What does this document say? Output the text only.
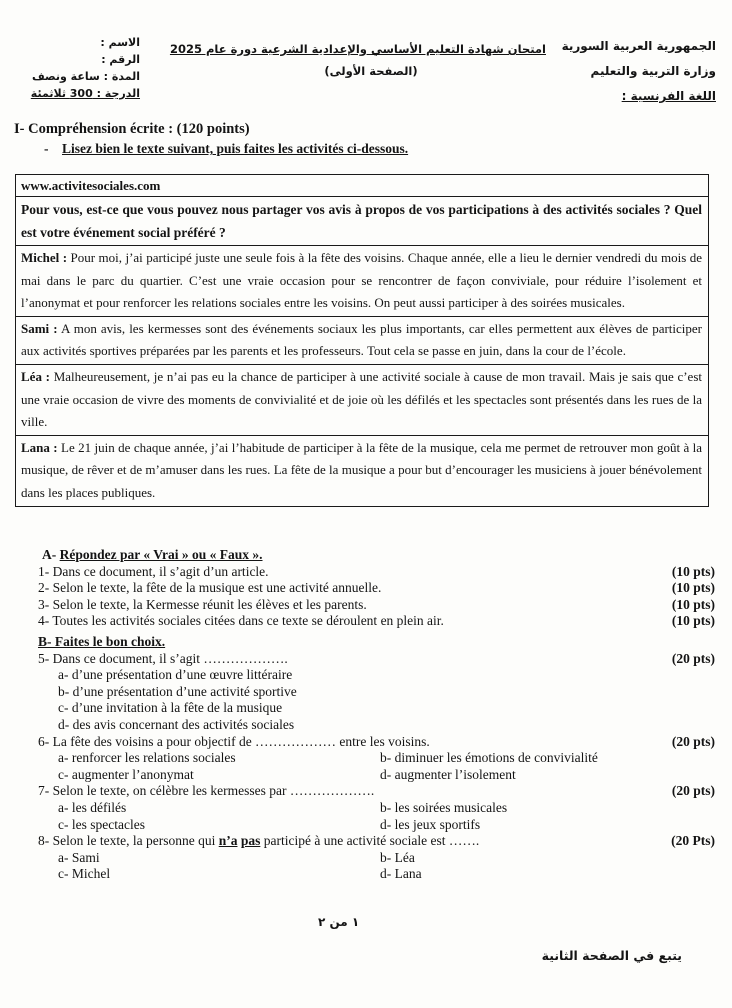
الجمهورية العربية السورية
وزارة التربية والتعليم
اللغة الفرنسية :
امتحان شهادة التعليم الأساسي والإعدادية الشرعية دورة عام 2025
(الصفحة الأولى)
الاسم :
الرقم :
المدة : ساعة ونصف
الدرجة : 300 ثلاثمئة
I- Compréhension écrite : (120 points)
- Lisez bien le texte suivant, puis faites les activités ci-dessous.
www.activitesociales.com
Pour vous, est-ce que vous pouvez nous partager vos avis à propos de vos participations à des activités sociales ? Quel est votre événement social préféré ?
Michel : Pour moi, j’ai participé juste une seule fois à la fête des voisins. Chaque année, elle a lieu le dernier vendredi du mois de mai dans le parc du quartier. C’est une vraie occasion pour se rencontrer de façon conviviale, pour réduire l’isolement et l’anonymat et pour renforcer les relations sociales entre les voisins. On peut aussi participer à des soirées musicales.
Sami : A mon avis, les kermesses sont des événements sociaux les plus importants, car elles permettent aux élèves de participer aux activités sportives préparées par les parents et les professeurs. Tout cela se passe en juin, dans la cour de l’école.
Léa : Malheureusement, je n’ai pas eu la chance de participer à une activité sociale à cause de mon travail. Mais je sais que c’est une vraie occasion de vivre des moments de convivialité et de joie où les défilés et les spectacles sont présentés dans les rues de la ville.
Lana : Le 21 juin de chaque année, j’ai l’habitude de participer à la fête de la musique, cela me permet de retrouver mon goût à la musique, de rêver et de m’amuser dans les rues. La fête de la musique a pour but d’encourager les musiciens à jouer bénévolement dans les places publiques.
A- Répondez par « Vrai » ou « Faux ».
1- Dans ce document, il s’agit d’un article.	(10 pts)
2- Selon le texte, la fête de la musique est une activité annuelle.	(10 pts)
3- Selon le texte, la Kermesse réunit les élèves et les parents.	(10 pts)
4- Toutes les activités sociales citées dans ce texte se déroulent en plein air.	(10 pts)
B- Faites le bon choix.
5- Dans ce document, il s’agit ……………….	(20 pts)
a- d’une présentation d’une œuvre littéraire
b- d’une présentation d’une activité sportive
c- d’une invitation à la fête de la musique
d- des avis concernant des activités sociales
6- La fête des voisins a pour objectif de ……………… entre les voisins.	(20 pts)
a- renforcer les relations sociales	b- diminuer les émotions de convivialité
c- augmenter l’anonymat	d- augmenter l’isolement
7- Selon le texte, on célèbre les kermesses par ……………….	(20 pts)
a- les défilés	b- les soirées musicales
c- les spectacles	d- les jeux sportifs
8- Selon le texte, la personne qui n’a pas participé à une activité sociale est …….	(20 Pts)
a- Sami	b- Léa
c- Michel	d- Lana
١ من ٢
يتبع في الصفحة الثانية
